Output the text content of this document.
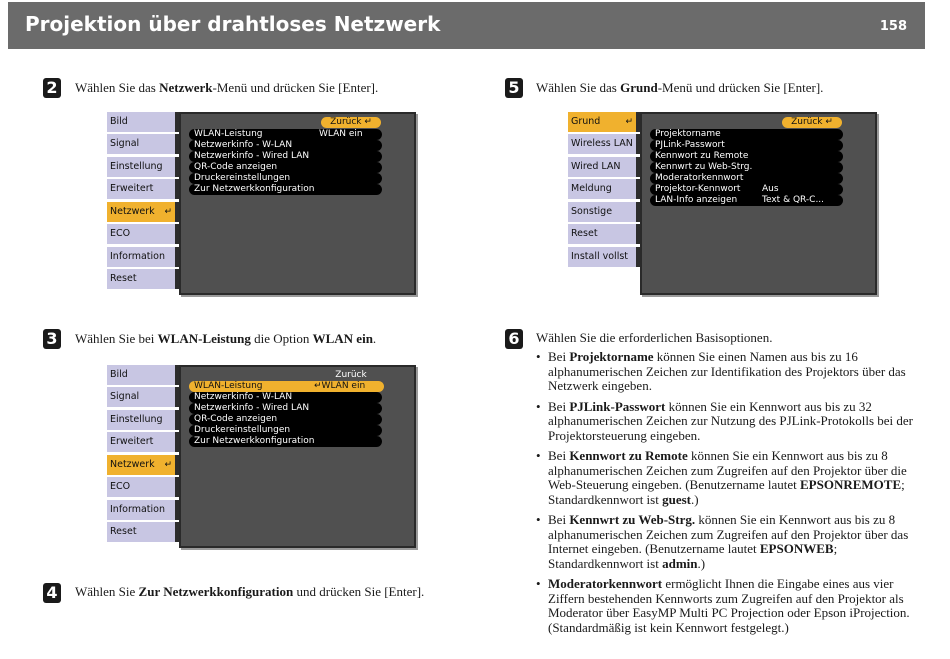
Projektion über drahtloses Netzwerk	158
2 Wählen Sie das Netzwerk-Menü und drücken Sie [Enter].
Bild
Signal
Einstellung
Erweitert
Netzwerk ↵
ECO
Information
Reset
Zurück ↵
WLAN-Leistung	WLAN ein
Netzwerkinfo - W-LAN
Netzwerkinfo - Wired LAN
QR-Code anzeigen
Druckereinstellungen
Zur Netzwerkkonfiguration
3 Wählen Sie bei WLAN-Leistung die Option WLAN ein.
Bild
Signal
Einstellung
Erweitert
Netzwerk ↵
ECO
Information
Reset
Zurück
WLAN-Leistung	↵WLAN ein
Netzwerkinfo - W-LAN
Netzwerkinfo - Wired LAN
QR-Code anzeigen
Druckereinstellungen
Zur Netzwerkkonfiguration
4 Wählen Sie Zur Netzwerkkonfiguration und drücken Sie [Enter].
5 Wählen Sie das Grund-Menü und drücken Sie [Enter].
Grund ↵
Wireless LAN
Wired LAN
Meldung
Sonstige
Reset
Install vollst
Zurück ↵
Projektorname
PJLink-Passwort
Kennwort zu Remote
Kennwrt zu Web-Strg.
Moderatorkennwort
Projektor-Kennwort Aus
LAN-Info anzeigen	Text & QR-C...
6 Wählen Sie die erforderlichen Basisoptionen.
• Bei Projektorname können Sie einen Namen aus bis zu 16 alphanumerischen Zeichen zur Identifikation des Projektors über das Netzwerk eingeben.
• Bei PJLink-Passwort können Sie ein Kennwort aus bis zu 32 alphanumerischen Zeichen zur Nutzung des PJLink-Protokolls bei der Projektorsteuerung eingeben.
• Bei Kennwort zu Remote können Sie ein Kennwort aus bis zu 8 alphanumerischen Zeichen zum Zugreifen auf den Projektor über die Web-Steuerung eingeben. (Benutzername lautet EPSONREMOTE; Standardkennwort ist guest.)
• Bei Kennwrt zu Web-Strg. können Sie ein Kennwort aus bis zu 8 alphanumerischen Zeichen zum Zugreifen auf den Projektor über das Internet eingeben. (Benutzername lautet EPSONWEB; Standardkennwort ist admin.)
• Moderatorkennwort ermöglicht Ihnen die Eingabe eines aus vier Ziffern bestehenden Kennworts zum Zugreifen auf den Projektor als Moderator über EasyMP Multi PC Projection oder Epson iProjection. (Standardmäßig ist kein Kennwort festgelegt.)
